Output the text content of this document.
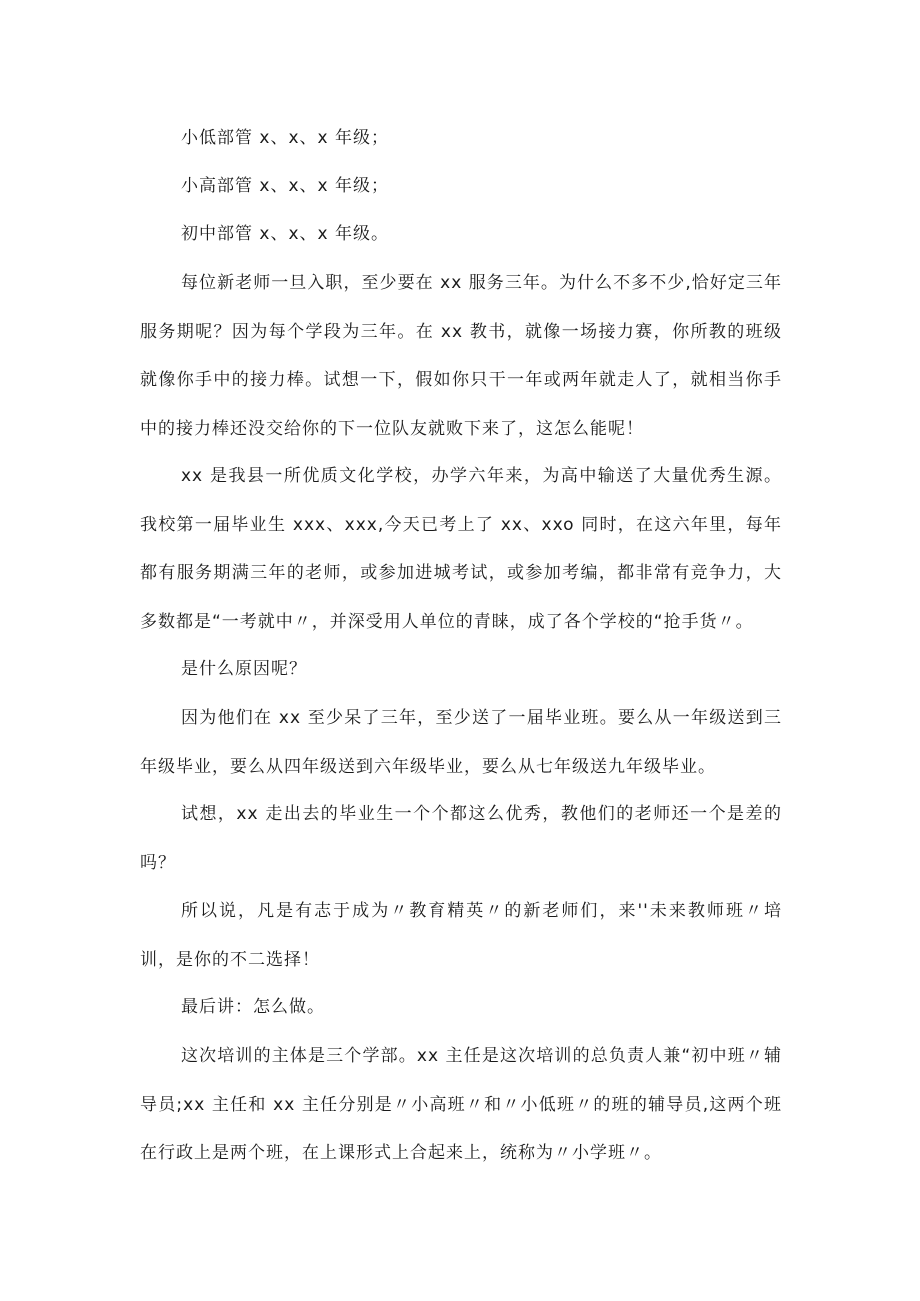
小低部管 x、x、x 年级；

小高部管 x、x、x 年级；

初中部管 x、x、x 年级。

每位新老师一旦入职，至少要在 xx 服务三年。为什么不多不少,恰好定三年服务期呢？因为每个学段为三年。在 xx 教书，就像一场接力赛，你所教的班级就像你手中的接力棒。试想一下，假如你只干一年或两年就走人了，就相当你手中的接力棒还没交给你的下一位队友就败下来了，这怎么能呢！

xx 是我县一所优质文化学校，办学六年来，为高中输送了大量优秀生源。我校第一届毕业生 xxx、xxx,今天已考上了 xx、xxo 同时，在这六年里，每年都有服务期满三年的老师，或参加进城考试，或参加考编，都非常有竞争力，大多数都是“一考就中〃，并深受用人单位的青睐，成了各个学校的“抢手货〃。

是什么原因呢？

因为他们在 xx 至少呆了三年，至少送了一届毕业班。要么从一年级送到三年级毕业，要么从四年级送到六年级毕业，要么从七年级送九年级毕业。

试想，xx 走出去的毕业生一个个都这么优秀，教他们的老师还一个是差的吗？

所以说，凡是有志于成为〃教育精英〃的新老师们，来''未来教师班〃培训，是你的不二选择！

最后讲：怎么做。

这次培训的主体是三个学部。xx 主任是这次培训的总负责人兼“初中班〃辅导员;xx 主任和 xx 主任分别是〃小高班〃和〃小低班〃的班的辅导员,这两个班在行政上是两个班，在上课形式上合起来上，统称为〃小学班〃。
